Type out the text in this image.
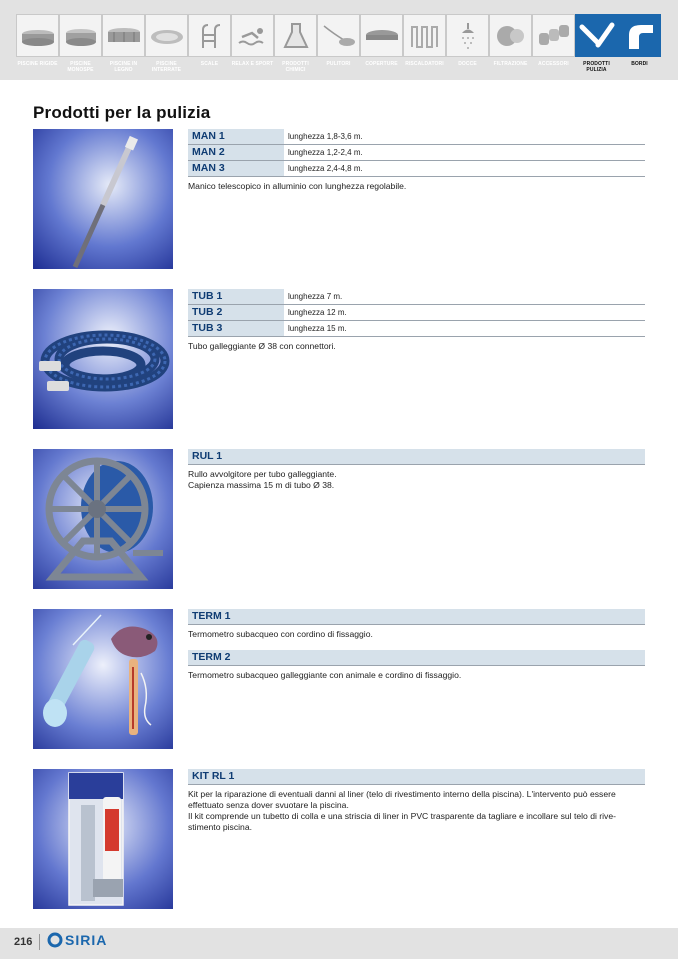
PISCINE RIGIDE	PISCINE MONOSPE
PISCINE IN LEGNO
PISCINE INTERRATE
SCALE	RELAX E SPORT	PRODOTTI CHIMICI
PULITORI	COPERTURE	RISCALDATORI	DOCCE	FILTRAZIONE	ACCESSORI	PRODOTTI PULIZIA
BORDI
Prodotti per la pulizia
MAN 1	lunghezza 1,8-3,6 m.
MAN 2	lunghezza 1,2-2,4 m.
MAN 3	lunghezza 2,4-4,8 m.
Manico telescopico in alluminio con lunghezza regolabile.
TUB 1	lunghezza 7 m.
TUB 2	lunghezza 12 m.
TUB 3	lunghezza 15 m.
Tubo galleggiante Ø 38 con connettori.
RUL 1
Rullo avvolgitore per tubo galleggiante.
Capienza massima 15 m di tubo Ø 38.
TERM 1
Termometro subacqueo con cordino di fissaggio.
TERM 2
Termometro subacqueo galleggiante con animale e cordino di fissaggio.
KIT RL 1
Kit per la riparazione di eventuali danni al liner (telo di rivestimento interno della piscina). L'intervento può essere effettuato senza dover svuotare la piscina.
Il kit comprende un tubetto di colla e una striscia di liner in PVC trasparente da tagliare e incollare sul telo di rive-stimento piscina.
216 SIRIA
